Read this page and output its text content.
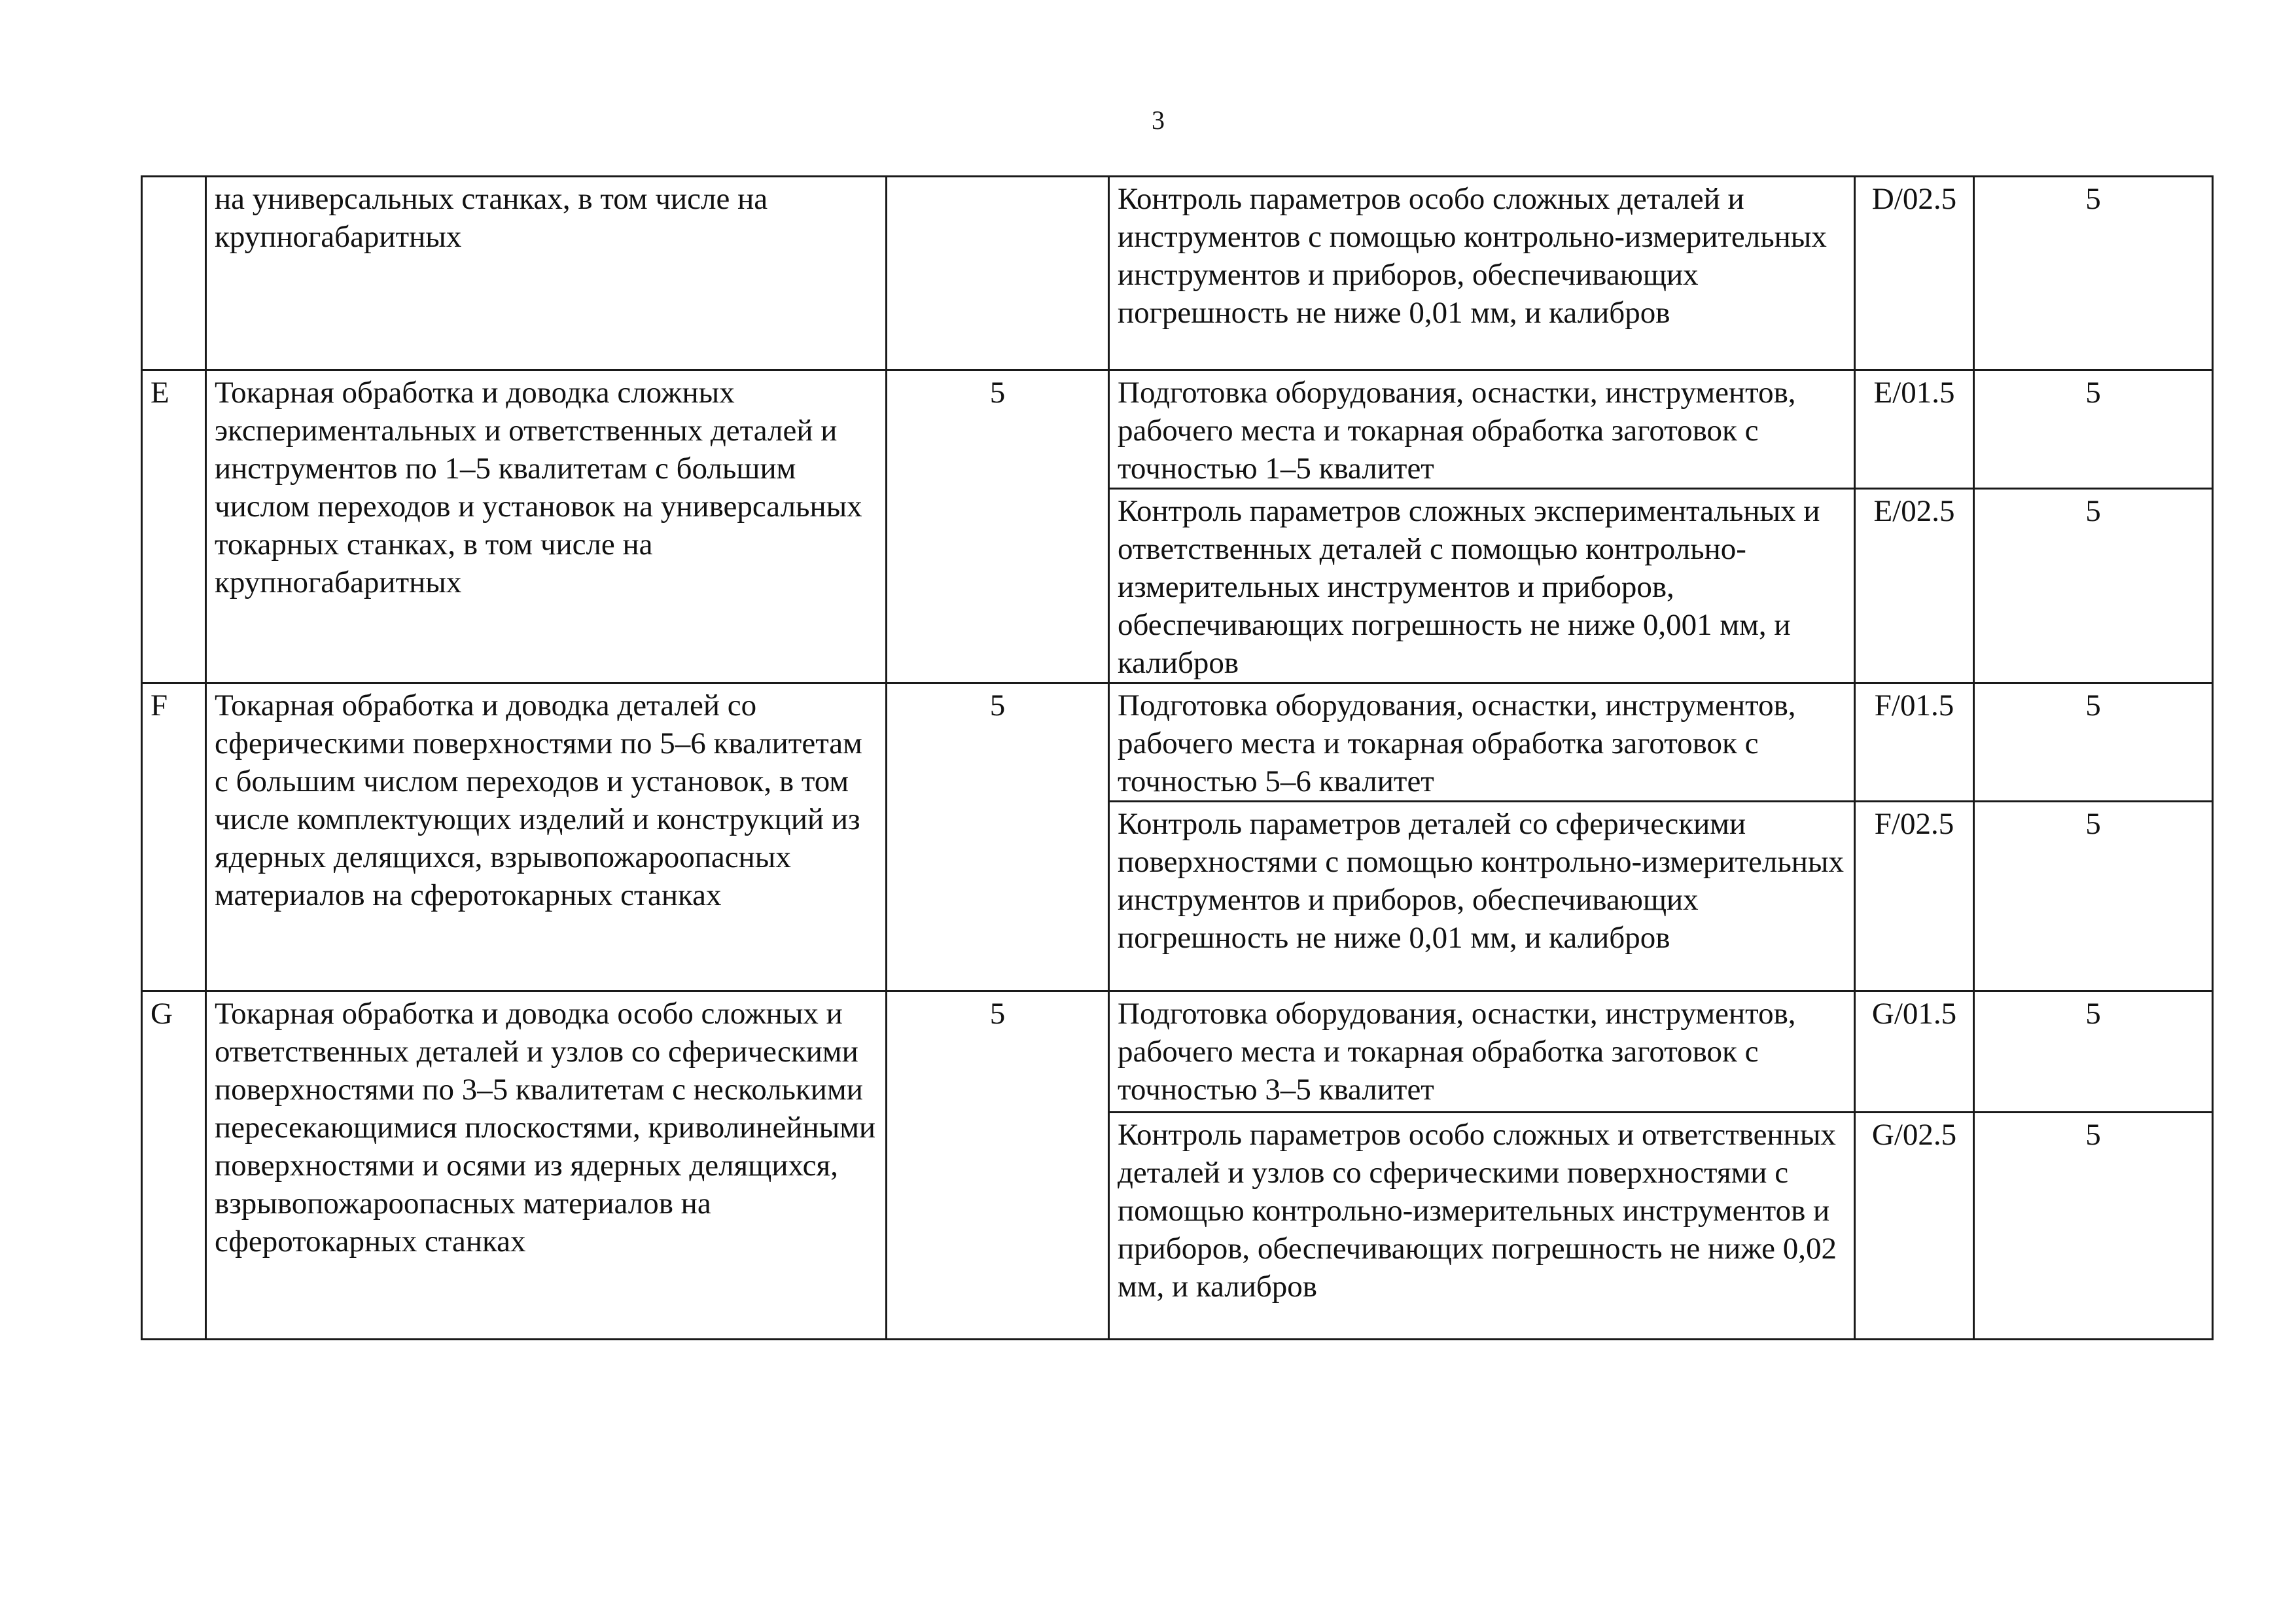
3
	на универсальных станках, в том числе на крупногабаритных		Контроль параметров особо сложных деталей и инструментов с помощью контрольно-измерительных инструментов и приборов, обеспечивающих погрешность не ниже 0,01 мм, и калибров	D/02.5	5
E	Токарная обработка и доводка сложных экспериментальных и ответственных деталей и инструментов по 1–5 квалитетам с большим числом переходов и установок на универсальных токарных станках, в том числе на крупногабаритных	5	Подготовка оборудования, оснастки, инструментов, рабочего места и токарная обработка заготовок с точностью 1–5 квалитет	E/01.5	5
			Контроль параметров сложных экспериментальных и ответственных деталей с помощью контрольно-измерительных инструментов и приборов, обеспечивающих погрешность не ниже 0,001 мм, и калибров	E/02.5	5
F	Токарная обработка и доводка деталей со сферическими поверхностями по 5–6 квалитетам с большим числом переходов и установок, в том числе комплектующих изделий и конструкций из ядерных делящихся, взрывопожароопасных материалов на сферотокарных станках	5	Подготовка оборудования, оснастки, инструментов, рабочего места и токарная обработка заготовок с точностью 5–6 квалитет	F/01.5	5
			Контроль параметров деталей со сферическими поверхностями с помощью контрольно-измерительных инструментов и приборов, обеспечивающих погрешность не ниже 0,01 мм, и калибров	F/02.5	5
G	Токарная обработка и доводка особо сложных и ответственных деталей и узлов со сферическими поверхностями по 3–5 квалитетам с несколькими пересекающимися плоскостями, криволинейными поверхностями и осями из ядерных делящихся, взрывопожароопасных материалов на сферотокарных станках	5	Подготовка оборудования, оснастки, инструментов, рабочего места и токарная обработка заготовок с точностью 3–5 квалитет	G/01.5	5
			Контроль параметров особо сложных и ответственных деталей и узлов со сферическими поверхностями с помощью контрольно-измерительных инструментов и приборов, обеспечивающих погрешность не ниже 0,02 мм, и калибров	G/02.5	5
